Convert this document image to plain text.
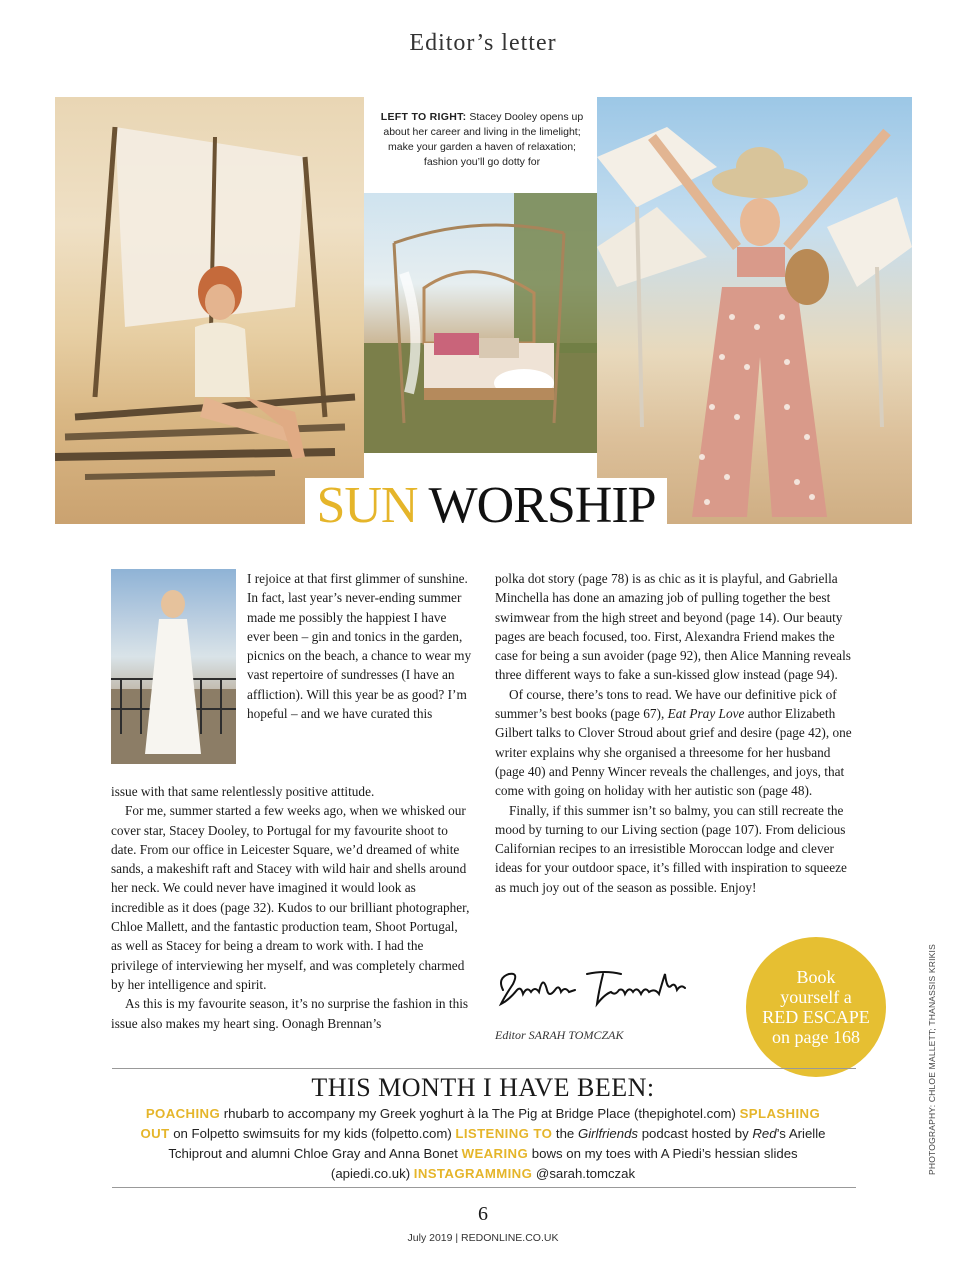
Editor’s letter
LEFT TO RIGHT: Stacey Dooley opens up about her career and living in the limelight; make your garden a haven of relaxation; fashion you’ll go dotty for
SUN WORSHIP

I rejoice at that first glimmer of sunshine. In fact, last year’s never-ending summer made me possibly the happiest I have ever been – gin and tonics in the garden, picnics on the beach, a chance to wear my vast repertoire of sundresses (I have an affliction). Will this year be as good? I’m hopeful – and we have curated this

issue with that same relentlessly positive attitude.

For me, summer started a few weeks ago, when we whisked our cover star, Stacey Dooley, to Portugal for my favourite shoot to date. From our office in Leicester Square, we’d dreamed of white sands, a makeshift raft and Stacey with wild hair and shells around her neck. We could never have imagined it would look as incredible as it does (page 32). Kudos to our brilliant photographer, Chloe Mallett, and the fantastic production team, Shoot Portugal, as well as Stacey for being a dream to work with. I had the privilege of interviewing her myself, and was completely charmed by her intelligence and spirit.

As this is my favourite season, it’s no surprise the fashion in this issue also makes my heart sing. Oonagh Brennan’s

polka dot story (page 78) is as chic as it is playful, and Gabriella Minchella has done an amazing job of pulling together the best swimwear from the high street and beyond (page 14). Our beauty pages are beach focused, too. First, Alexandra Friend makes the case for being a sun avoider (page 92), then Alice Manning reveals three different ways to fake a sun-kissed glow instead (page 94).

Of course, there’s tons to read. We have our definitive pick of summer’s best books (page 67), Eat Pray Love author Elizabeth Gilbert talks to Clover Stroud about grief and desire (page 42), one writer explains why she organised a threesome for her husband (page 40) and Penny Wincer reveals the challenges, and joys, that come with going on holiday with her autistic son (page 48).

Finally, if this summer isn’t so balmy, you can still recreate the mood by turning to our Living section (page 107). From delicious Californian recipes to an irresistible Moroccan lodge and clever ideas for your outdoor space, it’s filled with inspiration to squeeze as much joy out of the season as possible. Enjoy!

Editor SARAH TOMCZAK
Book
yourself a
RED ESCAPE
on page 168
THIS MONTH I HAVE BEEN:
POACHING rhubarb to accompany my Greek yoghurt à la The Pig at Bridge Place (thepighotel.com) SPLASHING OUT on Folpetto swimsuits for my kids (folpetto.com) LISTENING TO the Girlfriends podcast hosted by Red’s Arielle Tchiprout and alumni Chloe Gray and Anna Bonet WEARING bows on my toes with A Piedi’s hessian slides (apiedi.co.uk) INSTAGRAMMING @sarah.tomczak	PHOTOGRAPHY: CHLOE MALLETT; THANASSIS KRIKIS
6
July 2019 | REDONLINE.CO.UK
